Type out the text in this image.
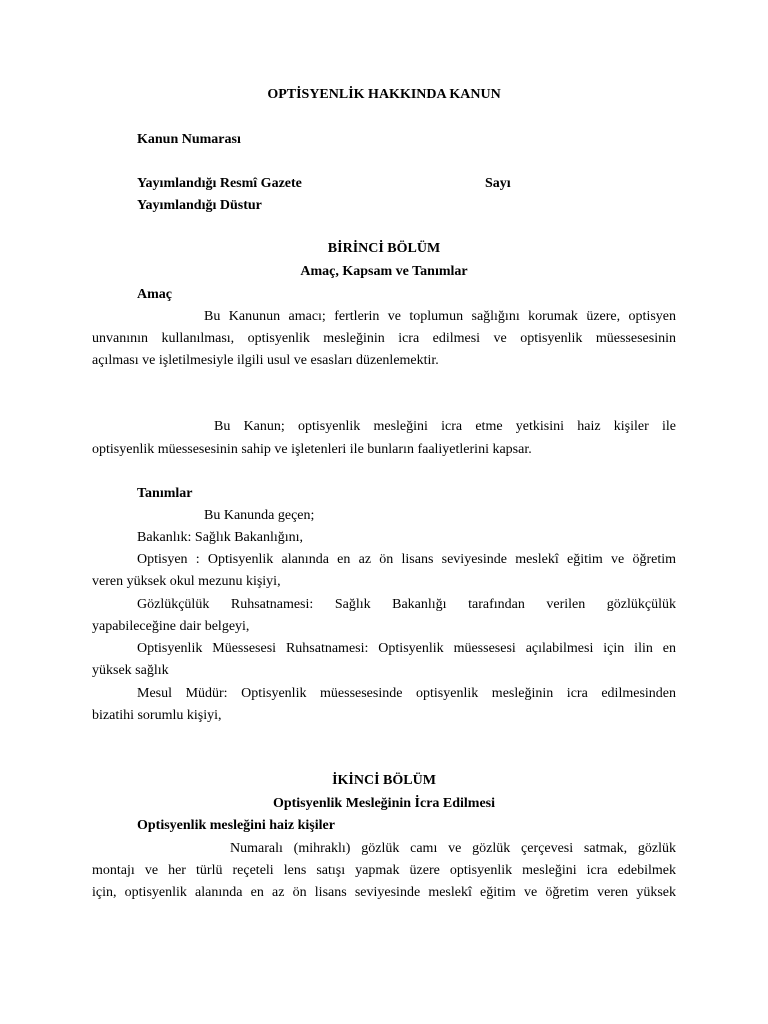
OPTİSYENLİK HAKKINDA KANUN
Kanun Numarası
Yayımlandığı Resmî Gazete	Sayı
Yayımlandığı Düstur
BİRİNCİ BÖLÜM
Amaç, Kapsam ve Tanımlar
Amaç
Bu Kanunun amacı; fertlerin ve toplumun sağlığını korumak üzere, optisyen
unvanının kullanılması, optisyenlik mesleğinin icra edilmesi ve optisyenlik müessesesinin
açılması ve işletilmesiyle ilgili usul ve esasları düzenlemektir.
Bu Kanun; optisyenlik mesleğini icra etme yetkisini haiz kişiler ile
optisyenlik müessesesinin sahip ve işletenleri ile bunların faaliyetlerini kapsar.
Tanımlar
Bu Kanunda geçen;
Bakanlık: Sağlık Bakanlığını,
Optisyen : Optisyenlik alanında en az ön lisans seviyesinde meslekî eğitim ve öğretim
veren yüksek okul mezunu kişiyi,
Gözlükçülük Ruhsatnamesi: Sağlık Bakanlığı tarafından verilen gözlükçülük
yapabileceğine dair belgeyi,
Optisyenlik Müessesesi Ruhsatnamesi: Optisyenlik müessesesi açılabilmesi için ilin en
yüksek sağlık
Mesul Müdür: Optisyenlik müessesesinde optisyenlik mesleğinin icra edilmesinden
bizatihi sorumlu kişiyi,
İKİNCİ BÖLÜM
Optisyenlik Mesleğinin İcra Edilmesi
Optisyenlik mesleğini haiz kişiler
Numaralı (mihraklı) gözlük camı ve gözlük çerçevesi satmak, gözlük
montajı ve her türlü reçeteli lens satışı yapmak üzere optisyenlik mesleğini icra edebilmek
için, optisyenlik alanında en az ön lisans seviyesinde meslekî eğitim ve öğretim veren yüksek
